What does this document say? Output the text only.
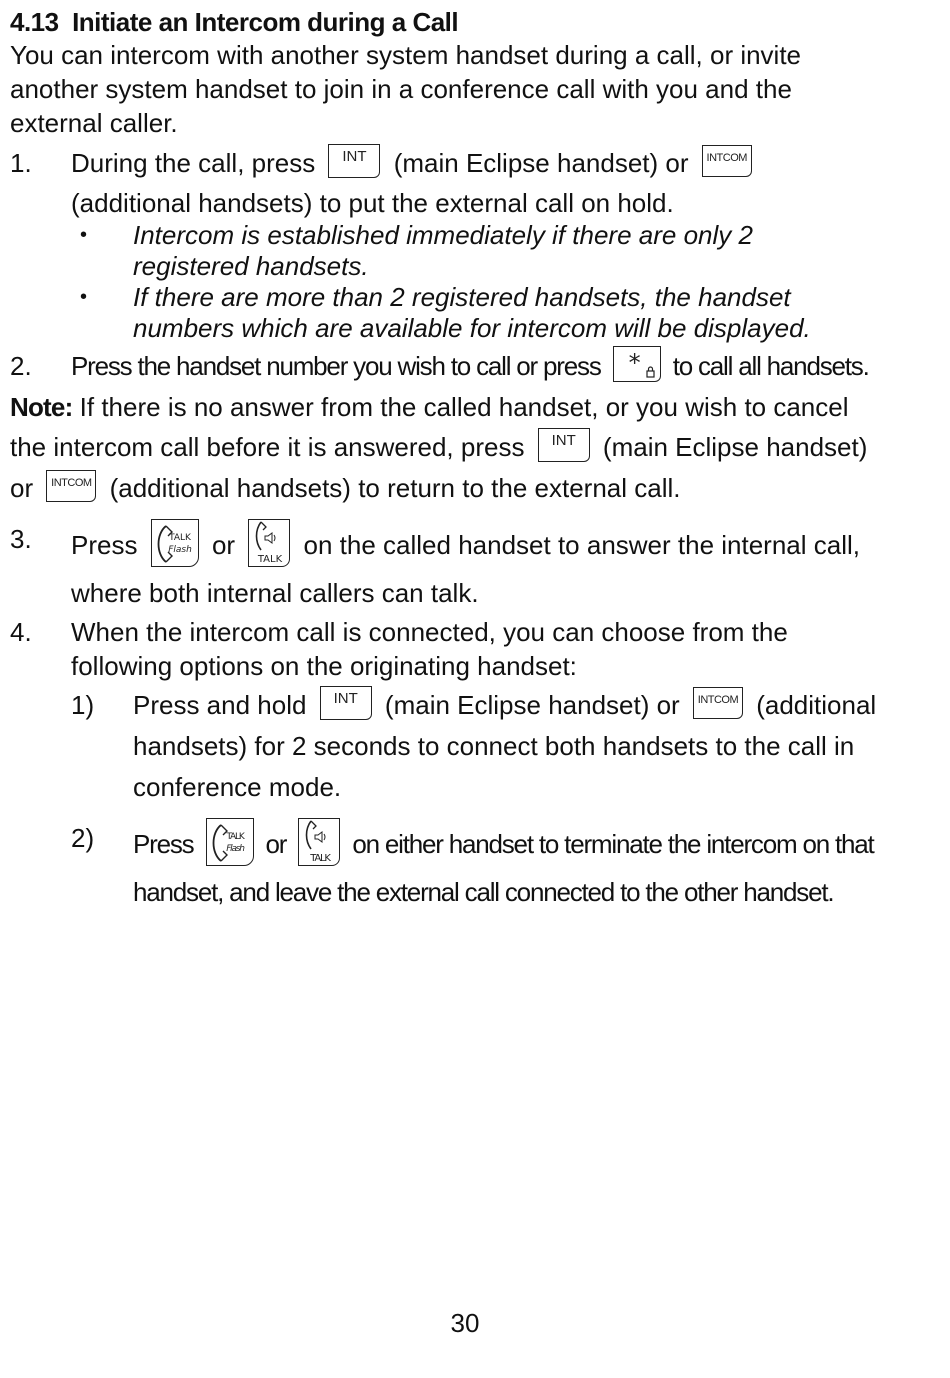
4.13 Initiate an Intercom during a Call
You can intercom with another system handset during a call, or invite
another system handset to join in a conference call with you and the
external caller.
1. During the call, press INT (main Eclipse handset) or INTCOM
(additional handsets) to put the external call on hold.
• Intercom is established immediately if there are only 2
registered handsets.
• If there are more than 2 registered handsets, the handset
numbers which are available for intercom will be displayed.
2. Press the handset number you wish to call or press * to call all handsets.
Note: If there is no answer from the called handset, or you wish to cancel
the intercom call before it is answered, press INT (main Eclipse handset)
or INTCOM (additional handsets) to return to the external call.
3. Press	TALK
Flash or TALK on the called handset to answer the internal call,
where both internal callers can talk.
4. When the intercom call is connected, you can choose from the
following options on the originating handset:
1) Press and hold INT (main Eclipse handset) or INTCOM (additional
handsets) for 2 seconds to connect both handsets to the call in
conference mode.
2) Press	TALK
Flash or TALK on either handset to terminate the intercom on that
handset, and leave the external call connected to the other handset.
30
